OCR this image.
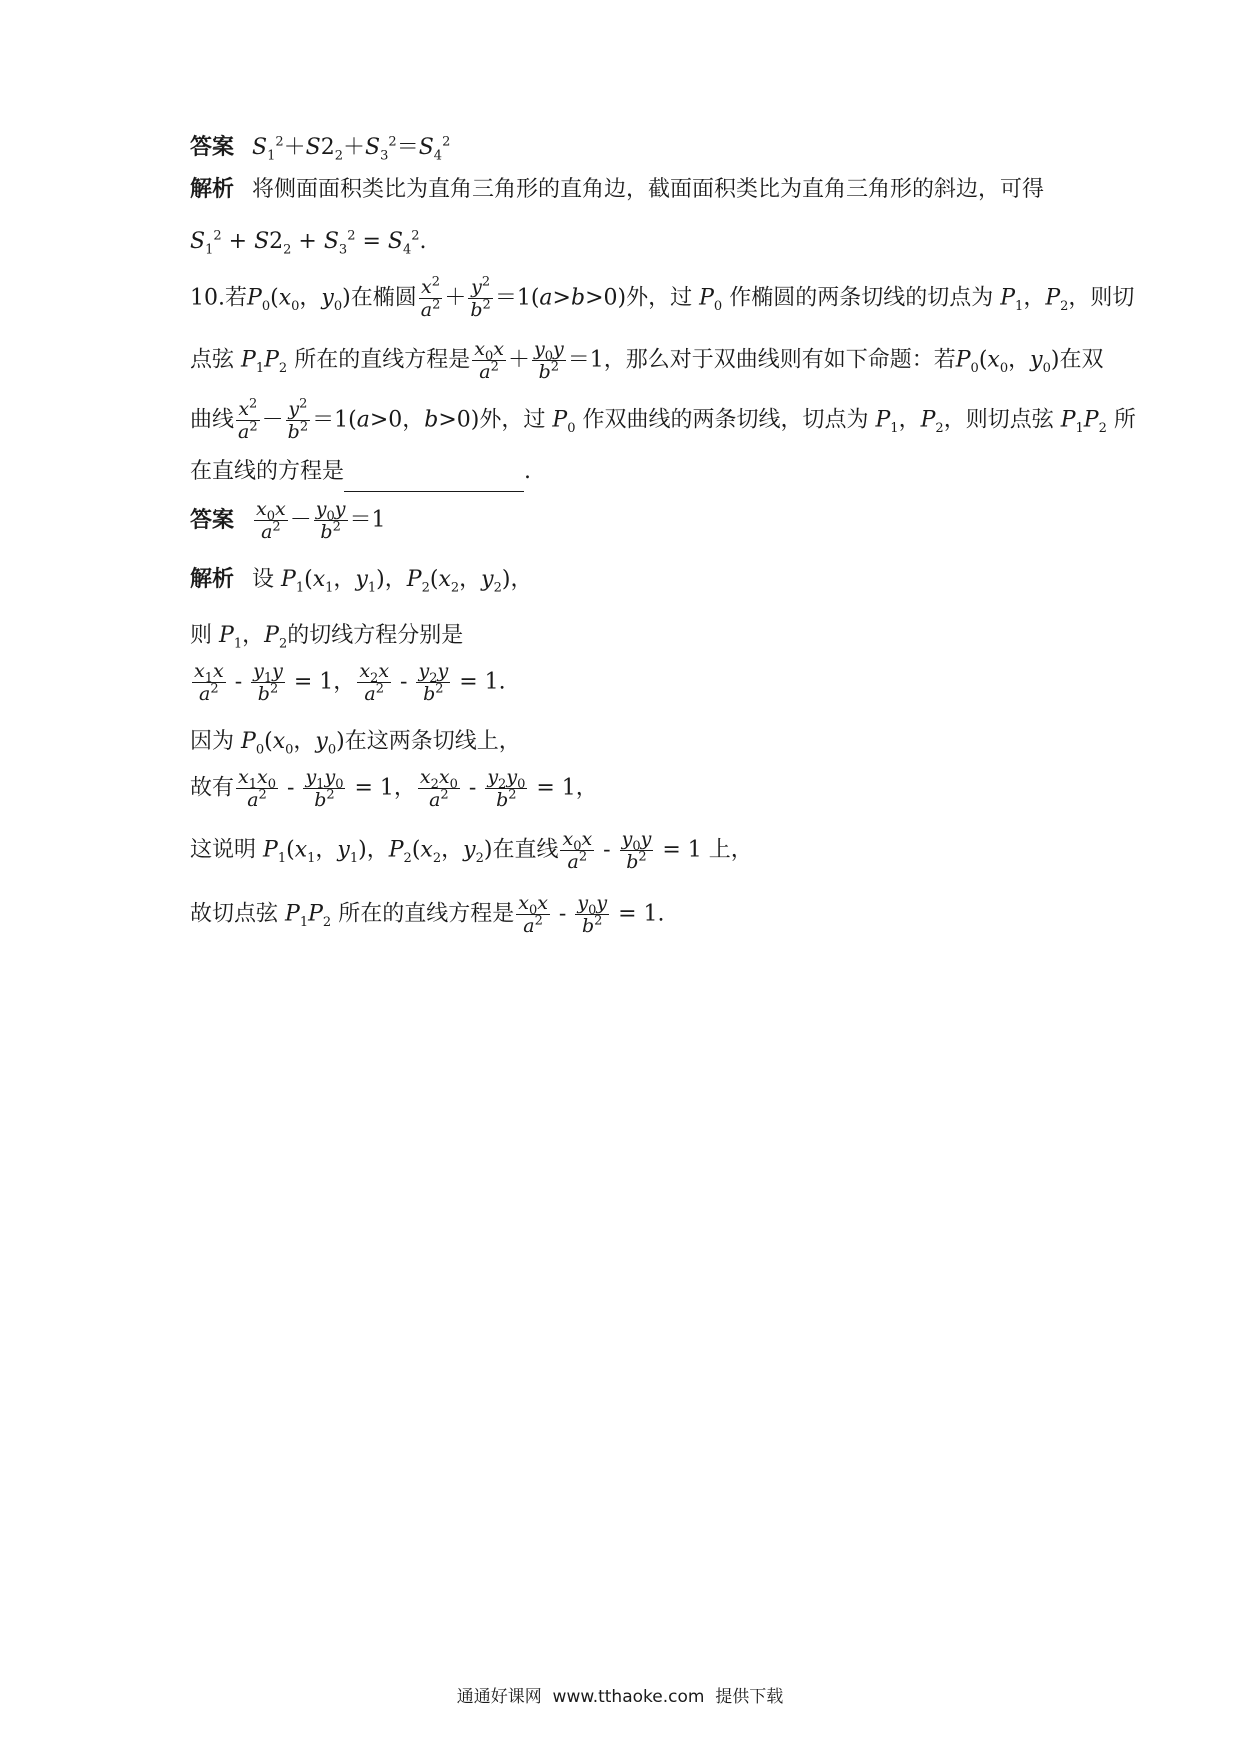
答案 $S_1^2+S2_2+S_3^2=S_4^2$
解析 将侧面面积类比为直角三角形的直角边，截面面积类比为直角三角形的斜边，可得
$S_1^2 + S2_2 + S_3^2 = S_4^2$.
10.若$P_0(x_0$，$y_0$)在椭圆 $\frac{x^2}{a^2} + \frac{y^2}{b^2} =1(a>b>0)$外，过 $P_0$ 作椭圆的两条切线的切点为 $P_1$，$P_2$，则切
点弦 $P_1P_2$ 所在的直线方程是 $\frac{x_0x}{a^2} + \frac{y_0y}{b^2} =1$，那么对于双曲线则有如下命题：若$P_0(x_0$，$y_0$)在双
曲线 $\frac{x^2}{a^2} - \frac{y^2}{b^2} =1(a>0$，b>0)外，过 $P_0$ 作双曲线的两条切线，切点为 $P_1$，$P_2$，则切点弦 $P_1P_2$ 所
在直线的方程是	.
答案 $\frac{x_0x}{a^2} - \frac{y_0y}{b^2} =1$
解析 设 $P_1(x_1$，$y_1$)，$P_2(x_2$，$y_2$)，
则 $P_1$，$P_2$的切线方程分别是
$\frac{x_1x}{a^2} - \frac{y_1y}{b^2} = 1$， $\frac{x_2x}{a^2} - \frac{y_2y}{b^2} = 1$.
因为 $P_0(x_0$，$y_0$)在这两条切线上，
故有 $\frac{x_1x_0}{a^2} - \frac{y_1y_0}{b^2} = 1$， $\frac{x_2x_0}{a^2} - \frac{y_2y_0}{b^2} = 1$，
这说明 $P_1(x_1$，$y_1$)，$P_2(x_2$，$y_2$)在直线 $\frac{x_0x}{a^2} - \frac{y_0y}{b^2} = 1$ 上，
故切点弦 $P_1P_2$ 所在的直线方程是 $\frac{x_0x}{a^2} - \frac{y_0y}{b^2} = 1$.
通通好课网 www.tthaoke.com 提供下载
